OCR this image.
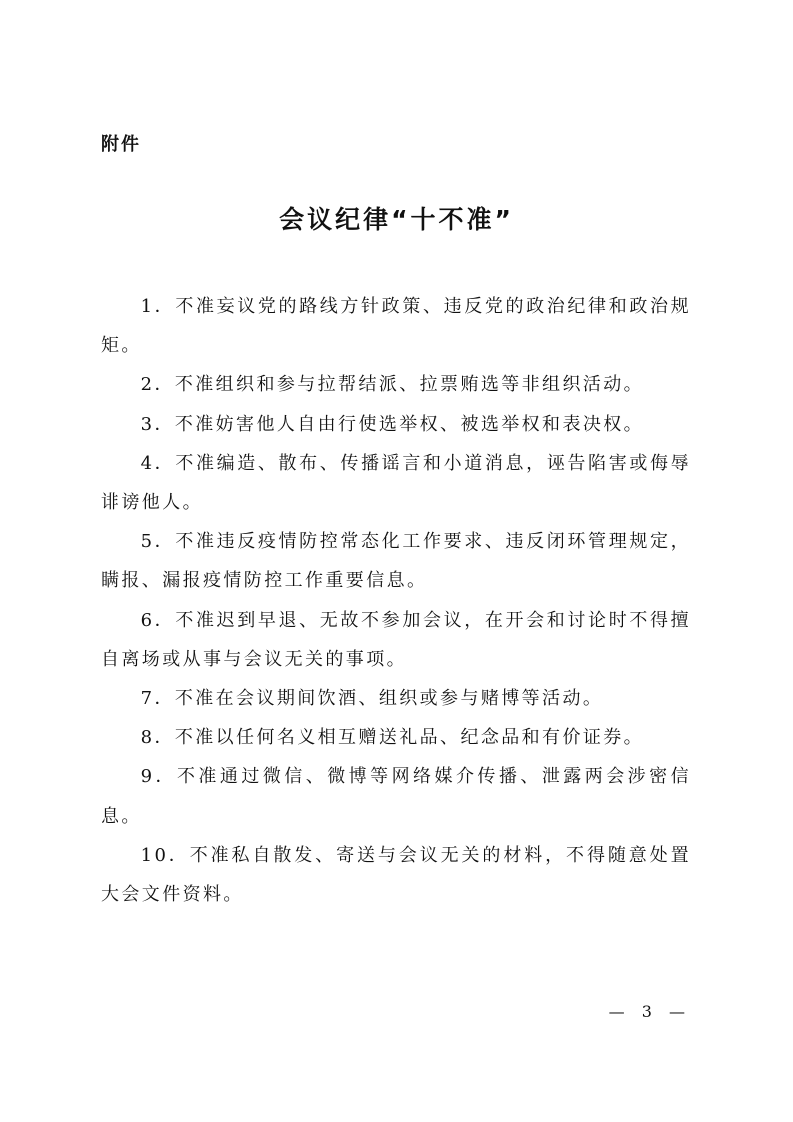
附件
会议纪律“十不准”
1．不准妄议党的路线方针政策、违反党的政治纪律和政治规矩。
2．不准组织和参与拉帮结派、拉票贿选等非组织活动。
3．不准妨害他人自由行使选举权、被选举权和表决权。
4．不准编造、散布、传播谣言和小道消息，诬告陷害或侮辱诽谤他人。
5．不准违反疫情防控常态化工作要求、违反闭环管理规定，瞒报、漏报疫情防控工作重要信息。
6．不准迟到早退、无故不参加会议，在开会和讨论时不得擅自离场或从事与会议无关的事项。
7．不准在会议期间饮酒、组织或参与赌博等活动。
8．不准以任何名义相互赠送礼品、纪念品和有价证券。
9．不准通过微信、微博等网络媒介传播、泄露两会涉密信息。
10．不准私自散发、寄送与会议无关的材料，不得随意处置大会文件资料。
— 3 —
